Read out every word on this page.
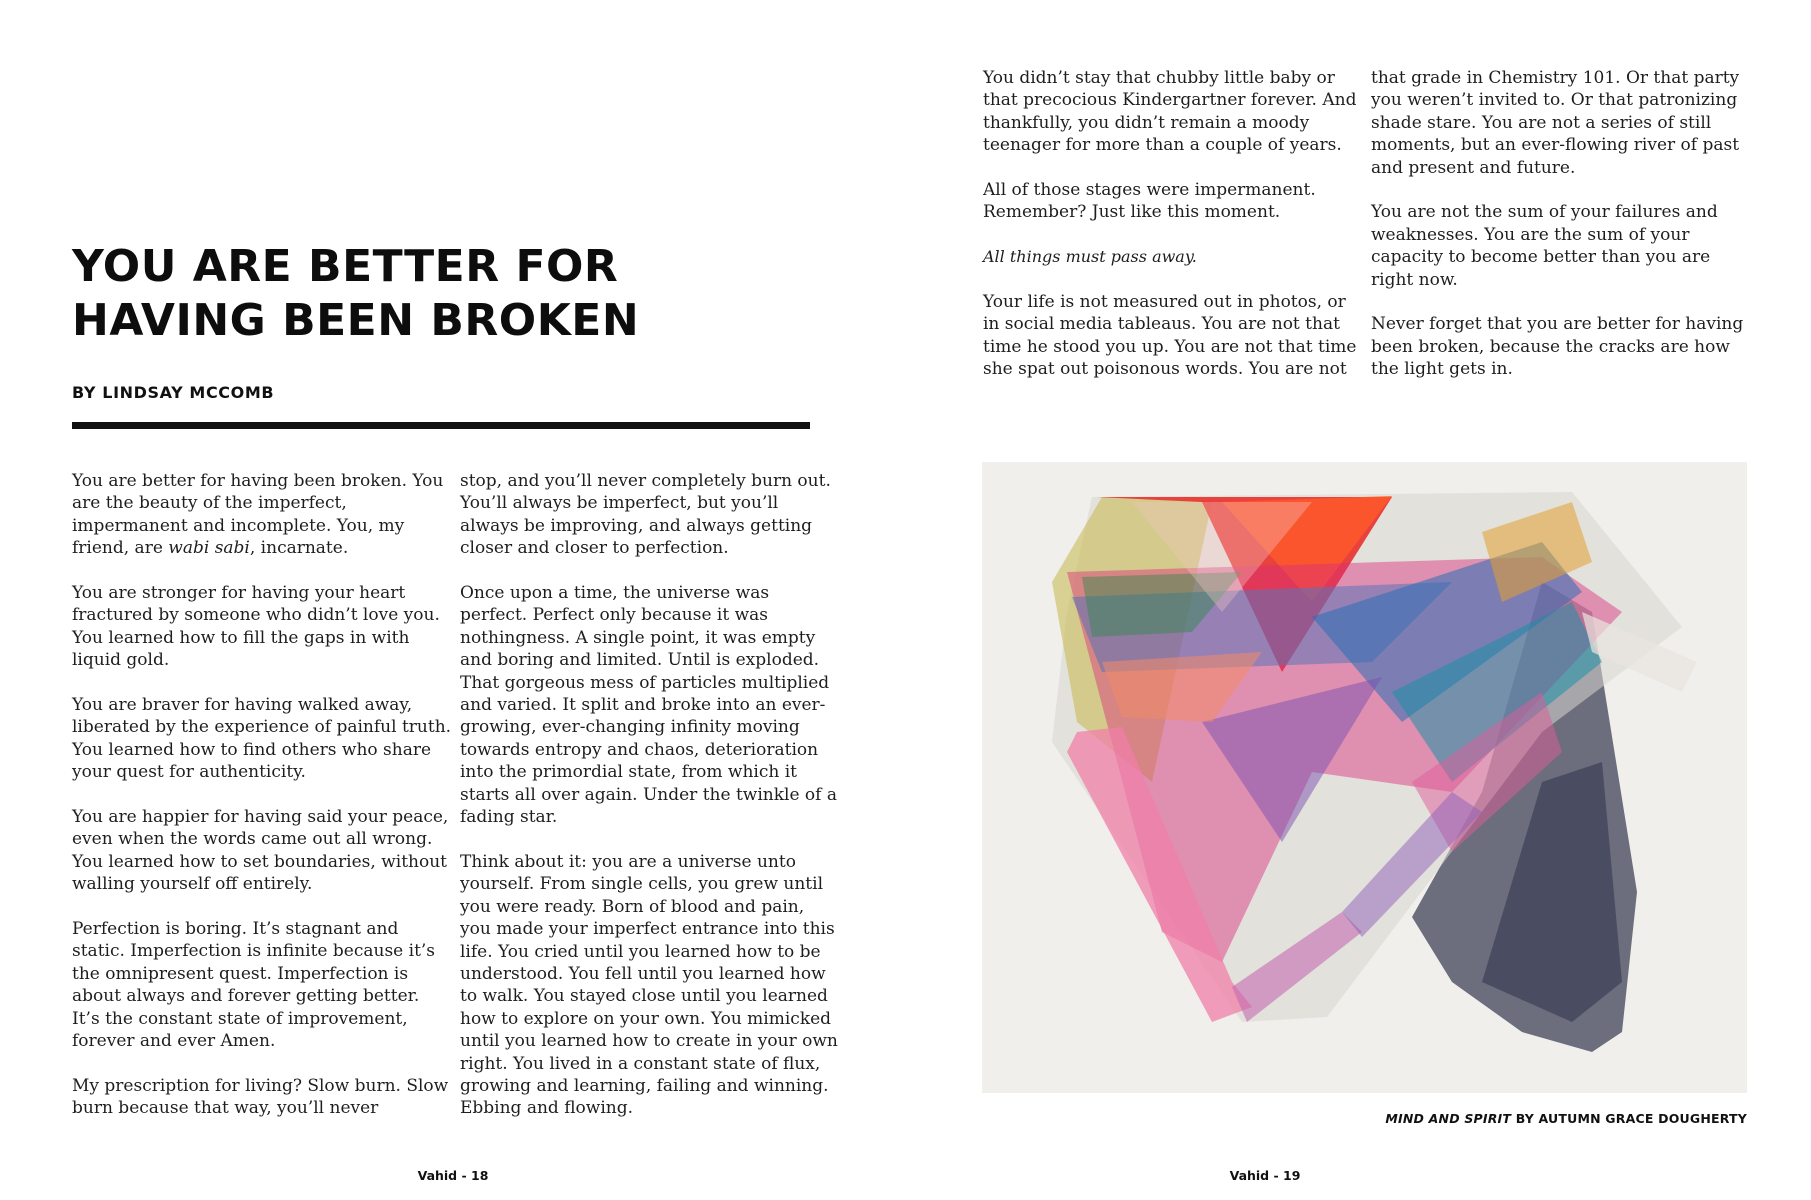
YOU ARE BETTER FOR
HAVING BEEN BROKEN
BY LINDSAY MCCOMB

You are better for having been broken. You are the beauty of the imperfect, impermanent and incomplete. You, my friend, are wabi sabi, incarnate.

You are stronger for having your heart fractured by someone who didn’t love you. You learned how to fill the gaps in with liquid gold.

You are braver for having walked away, liberated by the experience of painful truth. You learned how to find others who share your quest for authenticity.

You are happier for having said your peace, even when the words came out all wrong. You learned how to set boundaries, without walling yourself off entirely.

Perfection is boring. It’s stagnant and static. Imperfection is infinite because it’s the omnipresent quest. Imperfection is about always and forever getting better. It’s the constant state of improvement, forever and ever Amen.

My prescription for living? Slow burn. Slow burn because that way, you’ll never

stop, and you’ll never completely burn out. You’ll always be imperfect, but you’ll always be improving, and always getting closer and closer to perfection.

Once upon a time, the universe was perfect. Perfect only because it was nothingness. A single point, it was empty and boring and limited. Until is exploded. That gorgeous mess of particles multiplied and varied. It split and broke into an ever-growing, ever-changing infinity moving towards entropy and chaos, deterioration into the primordial state, from which it starts all over again. Under the twinkle of a fading star.

Think about it: you are a universe unto yourself. From single cells, you grew until you were ready. Born of blood and pain, you made your imperfect entrance into this life. You cried until you learned how to be understood. You fell until you learned how to walk. You stayed close until you learned how to explore on your own. You mimicked until you learned how to create in your own right. You lived in a constant state of flux, growing and learning, failing and winning. Ebbing and flowing.

Vahid - 18

You didn’t stay that chubby little baby or that precocious Kindergartner forever. And thankfully, you didn’t remain a moody teenager for more than a couple of years.

All of those stages were impermanent. Remember? Just like this moment.

All things must pass away.

Your life is not measured out in photos, or in social media tableaus. You are not that time he stood you up. You are not that time she spat out poisonous words. You are not

that grade in Chemistry 101. Or that party you weren’t invited to. Or that patronizing shade stare. You are not a series of still moments, but an ever-flowing river of past and present and future.

You are not the sum of your failures and weaknesses. You are the sum of your capacity to become better than you are right now.

Never forget that you are better for having been broken, because the cracks are how the light gets in.

MIND AND SPIRIT BY AUTUMN GRACE DOUGHERTY
Vahid - 19
